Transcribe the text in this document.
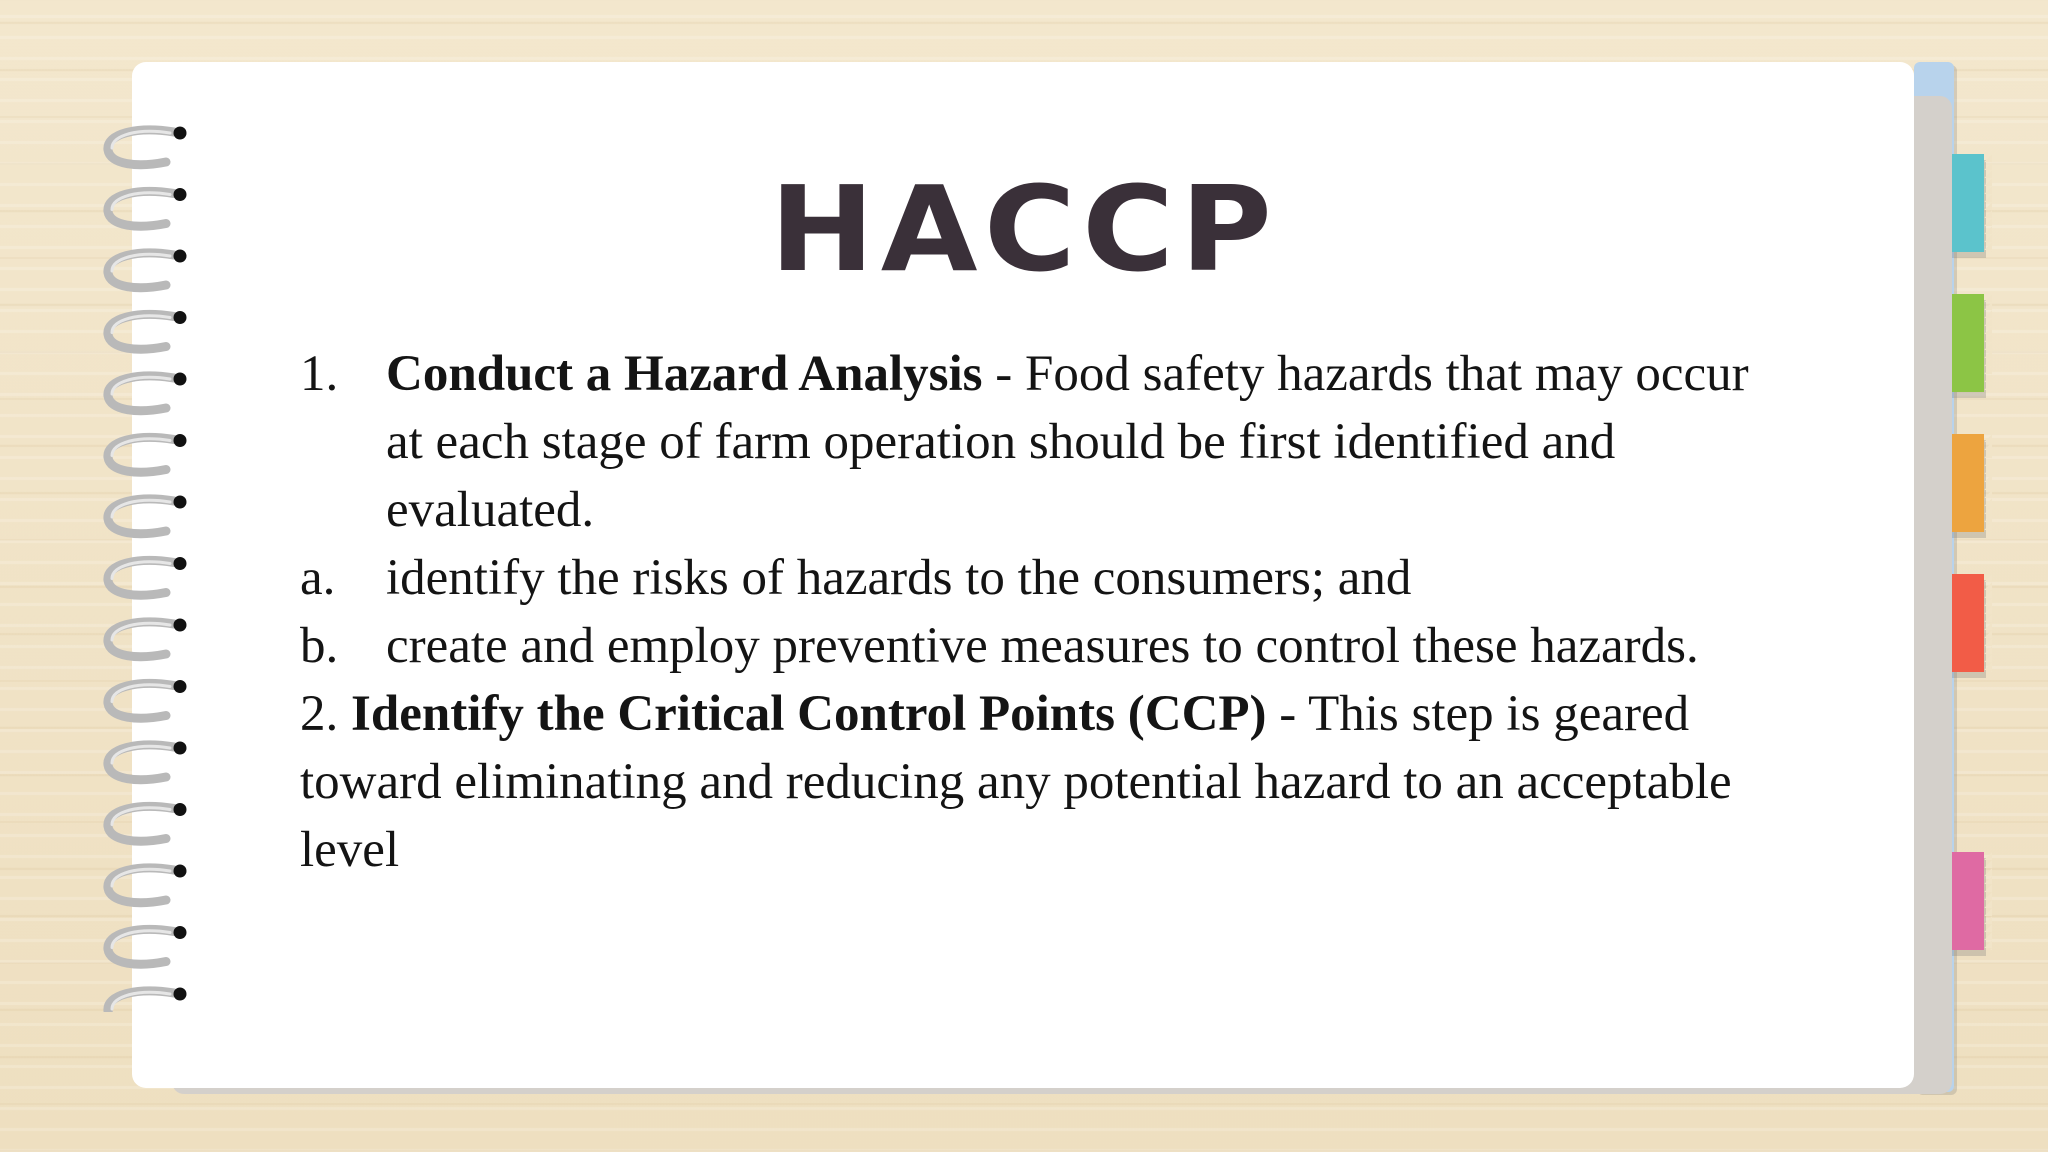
HACCP
1. Conduct a Hazard Analysis - Food safety hazards that may occur at each stage of farm operation should be first identified and evaluated.
a. identify the risks of hazards to the consumers; and
b. create and employ preventive measures to control these hazards.

2. Identify the Critical Control Points (CCP) - This step is geared toward eliminating and reducing any potential hazard to an acceptable level
